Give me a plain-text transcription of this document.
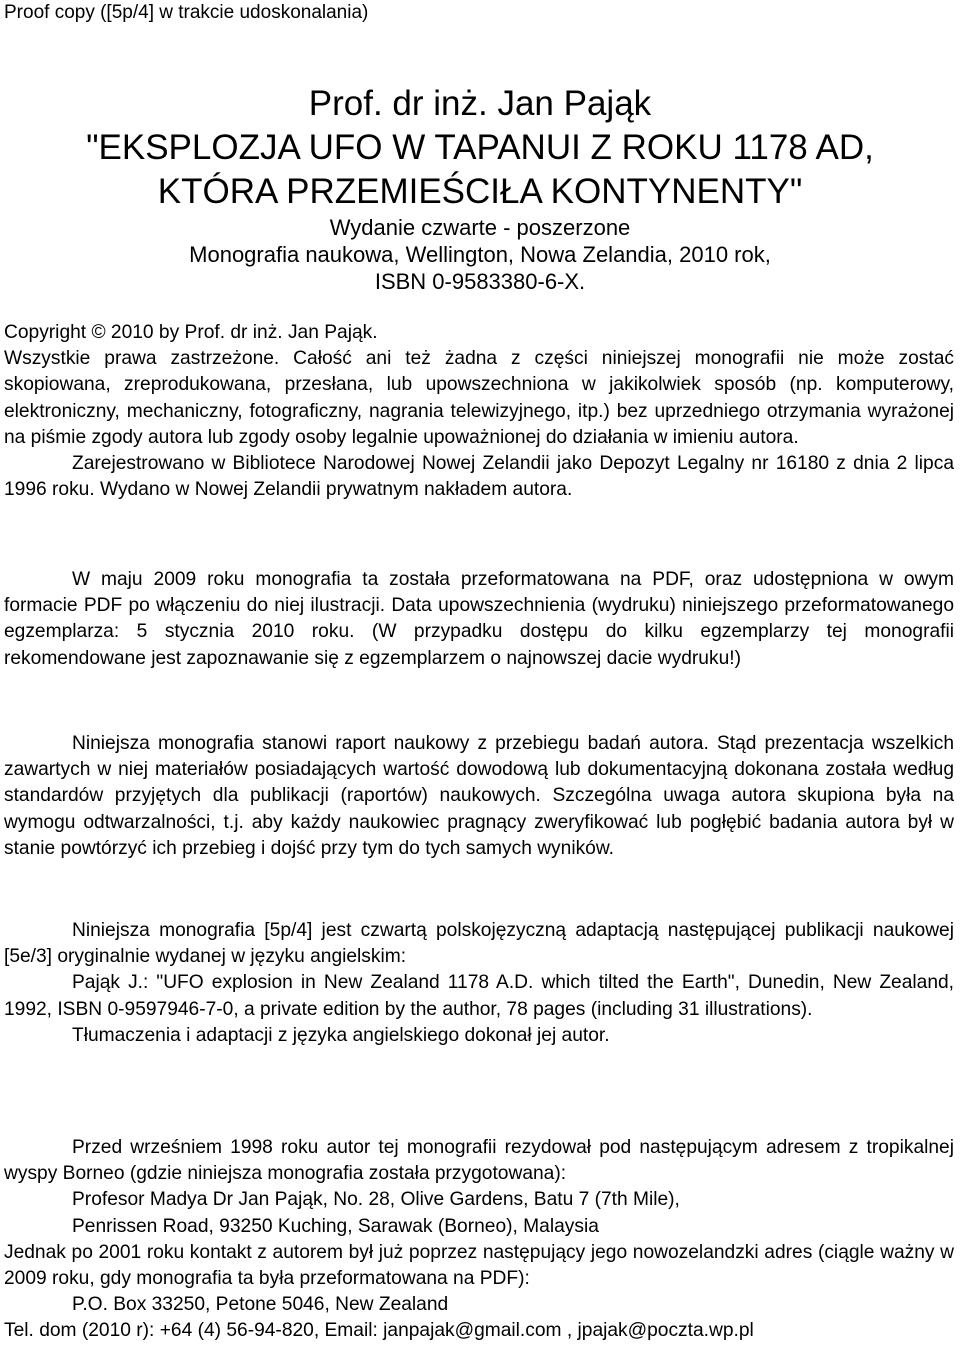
Proof copy ([5p/4] w trakcie udoskonalania)

Prof. dr inż. Jan Pająk

"EKSPLOZJA UFO W TAPANUI Z ROKU 1178 AD,

KTÓRA PRZEMIEŚCIŁA KONTYNENTY"

Wydanie czwarte - poszerzone

Monografia naukowa, Wellington, Nowa Zelandia, 2010 rok,

ISBN 0-9583380-6-X.

Copyright © 2010 by Prof. dr inż. Jan Pająk.

Wszystkie prawa zastrzeżone. Całość ani też żadna z części niniejszej monografii nie może zostać skopiowana, zreprodukowana, przesłana, lub upowszechniona w jakikolwiek sposób (np. komputerowy, elektroniczny, mechaniczny, fotograficzny, nagrania telewizyjnego, itp.) bez uprzedniego otrzymania wyrażonej na piśmie zgody autora lub zgody osoby legalnie upoważnionej do działania w imieniu autora.

Zarejestrowano w Bibliotece Narodowej Nowej Zelandii jako Depozyt Legalny nr 16180 z dnia 2 lipca 1996 roku. Wydano w Nowej Zelandii prywatnym nakładem autora.

W maju 2009 roku monografia ta została przeformatowana na PDF, oraz udostępniona w owym formacie PDF po włączeniu do niej ilustracji. Data upowszechnienia (wydruku) niniejszego przeformatowanego egzemplarza: 5 stycznia 2010 roku. (W przypadku dostępu do kilku egzemplarzy tej monografii rekomendowane jest zapoznawanie się z egzemplarzem o najnowszej dacie wydruku!)

Niniejsza monografia stanowi raport naukowy z przebiegu badań autora. Stąd prezentacja wszelkich zawartych w niej materiałów posiadających wartość dowodową lub dokumentacyjną dokonana została według standardów przyjętych dla publikacji (raportów) naukowych. Szczególna uwaga autora skupiona była na wymogu odtwarzalności, t.j. aby każdy naukowiec pragnący zweryfikować lub pogłębić badania autora był w stanie powtórzyć ich przebieg i dojść przy tym do tych samych wyników.

Niniejsza monografia [5p/4] jest czwartą polskojęzyczną adaptacją następującej publikacji naukowej [5e/3] oryginalnie wydanej w języku angielskim:

Pająk J.: "UFO explosion in New Zealand 1178 A.D. which tilted the Earth", Dunedin, New Zealand, 1992, ISBN 0-9597946-7-0, a private edition by the author, 78 pages (including 31 illustrations).

Tłumaczenia i adaptacji z języka angielskiego dokonał jej autor.

Przed wrześniem 1998 roku autor tej monografii rezydował pod następującym adresem z tropikalnej wyspy Borneo (gdzie niniejsza monografia została przygotowana):

Profesor Madya Dr Jan Pająk, No. 28, Olive Gardens, Batu 7 (7th Mile),

Penrissen Road, 93250 Kuching, Sarawak (Borneo), Malaysia

Jednak po 2001 roku kontakt z autorem był już poprzez następujący jego nowozelandzki adres (ciągle ważny w 2009 roku, gdy monografia ta była przeformatowana na PDF):

P.O. Box 33250, Petone 5046, New Zealand

Tel. dom (2010 r): +64 (4) 56-94-820, Email: janpajak@gmail.com , jpajak@poczta.wp.pl
